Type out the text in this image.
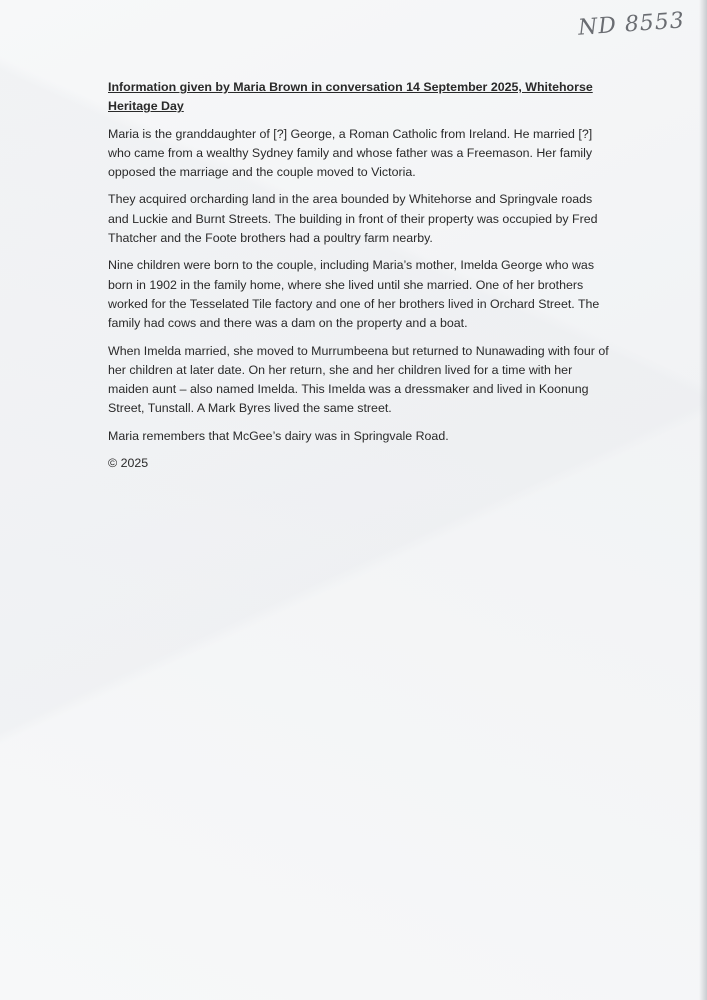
ND 8553

Information given by Maria Brown in conversation 14 September 2025, Whitehorse Heritage Day

Maria is the granddaughter of [?] George, a Roman Catholic from Ireland. He married [?] who came from a wealthy Sydney family and whose father was a Freemason. Her family opposed the marriage and the couple moved to Victoria.

They acquired orcharding land in the area bounded by Whitehorse and Springvale roads and Luckie and Burnt Streets. The building in front of their property was occupied by Fred Thatcher and the Foote brothers had a poultry farm nearby.

Nine children were born to the couple, including Maria’s mother, Imelda George who was born in 1902 in the family home, where she lived until she married. One of her brothers worked for the Tesselated Tile factory and one of her brothers lived in Orchard Street. The family had cows and there was a dam on the property and a boat.

When Imelda married, she moved to Murrumbeena but returned to Nunawading with four of her children at later date. On her return, she and her children lived for a time with her maiden aunt – also named Imelda. This Imelda was a dressmaker and lived in Koonung Street, Tunstall. A Mark Byres lived the same street.

Maria remembers that McGee’s dairy was in Springvale Road.

© 2025
